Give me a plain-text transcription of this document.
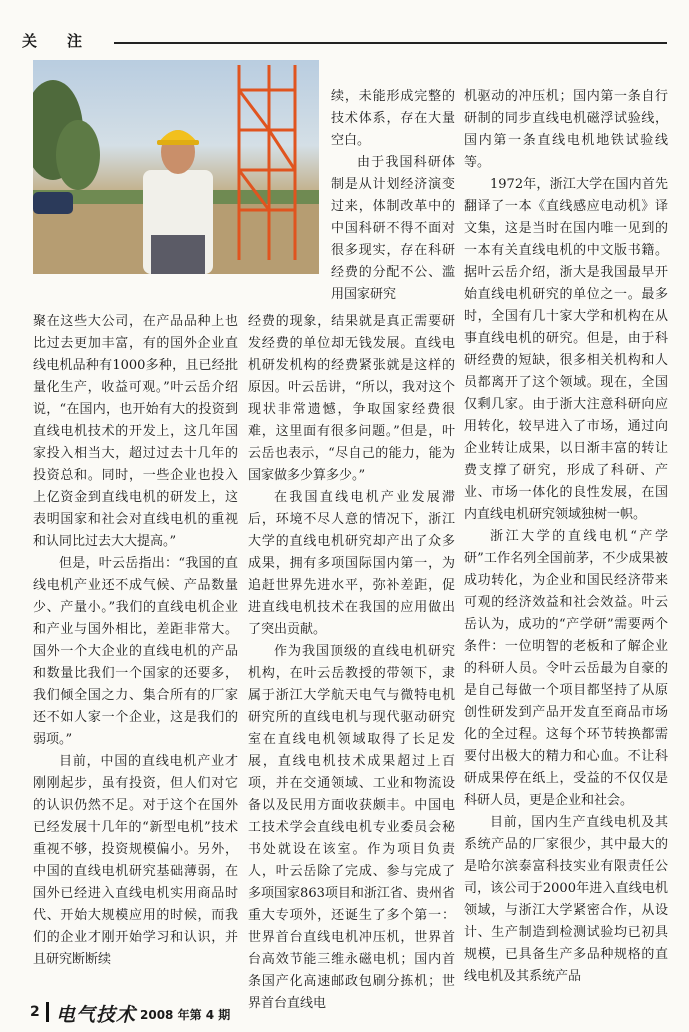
关注

续，未能形成完整的技术体系，存在大量空白。

由于我国科研体制是从计划经济演变过来，体制改革中的中国科研不得不面对很多现实，存在科研经费的分配不公、滥用国家研究

聚在这些大公司，在产品品种上也比过去更加丰富，有的国外企业直线电机品种有1000多种，且已经批量化生产，收益可观。”叶云岳介绍说，“在国内，也开始有大的投资到直线电机技术的开发上，这几年国家投入相当大，超过过去十几年的投资总和。同时，一些企业也投入上亿资金到直线电机的研发上，这表明国家和社会对直线电机的重视和认同比过去大大提高。”

但是，叶云岳指出：“我国的直线电机产业还不成气候、产品数量少、产量小。”我们的直线电机企业和产业与国外相比，差距非常大。国外一个大企业的直线电机的产品和数量比我们一个国家的还要多，我们倾全国之力、集合所有的厂家还不如人家一个企业，这是我们的弱项。”

目前，中国的直线电机产业才刚刚起步，虽有投资，但人们对它的认识仍然不足。对于这个在国外已经发展十几年的“新型电机”技术重视不够，投资规模偏小。另外，中国的直线电机研究基础薄弱，在国外已经进入直线电机实用商品时代、开始大规模应用的时候，而我们的企业才刚开始学习和认识，并且研究断断续

经费的现象，结果就是真正需要研发经费的单位却无钱发展。直线电机研发机构的经费紧张就是这样的原因。叶云岳讲，“所以，我对这个现状非常遗憾，争取国家经费很难，这里面有很多问题。”但是，叶云岳也表示，“尽自己的能力，能为国家做多少算多少。”

在我国直线电机产业发展滞后，环境不尽人意的情况下，浙江大学的直线电机研究却产出了众多成果，拥有多项国际国内第一，为追赶世界先进水平，弥补差距，促进直线电机技术在我国的应用做出了突出贡献。

作为我国顶级的直线电机研究机构，在叶云岳教授的带领下，隶属于浙江大学航天电气与微特电机研究所的直线电机与现代驱动研究室在直线电机领域取得了长足发展，直线电机技术成果超过上百项，并在交通领域、工业和物流设备以及民用方面收获颇丰。中国电工技术学会直线电机专业委员会秘书处就设在该室。作为项目负责人，叶云岳除了完成、参与完成了多项国家863项目和浙江省、贵州省重大专项外，还诞生了多个第一：世界首台直线电机冲压机，世界首台高效节能三维永磁电机；国内首条国产化高速邮政包刷分拣机；世界首台直线电

机驱动的冲压机；国内第一条自行研制的同步直线电机磁浮试验线，国内第一条直线电机地铁试验线等。

1972年，浙江大学在国内首先翻译了一本《直线感应电动机》译文集，这是当时在国内唯一见到的一本有关直线电机的中文版书籍。据叶云岳介绍，浙大是我国最早开始直线电机研究的单位之一。最多时，全国有几十家大学和机构在从事直线电机的研究。但是，由于科研经费的短缺，很多相关机构和人员都离开了这个领域。现在，全国仅剩几家。由于浙大注意科研向应用转化，较早进入了市场，通过向企业转让成果，以日渐丰富的转让费支撑了研究，形成了科研、产业、市场一体化的良性发展，在国内直线电机研究领域独树一帜。

浙江大学的直线电机“产学研”工作名列全国前茅，不少成果被成功转化，为企业和国民经济带来可观的经济效益和社会效益。叶云岳认为，成功的“产学研”需要两个条件：一位明智的老板和了解企业的科研人员。令叶云岳最为自豪的是自己每做一个项目都坚持了从原创性研发到产品开发直至商品市场化的全过程。这每个环节转换都需要付出极大的精力和心血。不让科研成果停在纸上，受益的不仅仅是科研人员，更是企业和社会。

目前，国内生产直线电机及其系统产品的厂家很少，其中最大的是哈尔滨泰富科技实业有限责任公司，该公司于2000年进入直线电机领域，与浙江大学紧密合作，从设计、生产制造到检测试验均已初具规模，已具备生产多品种规格的直线电机及其系统产品

2 电气技术 2008 年第 4 期
